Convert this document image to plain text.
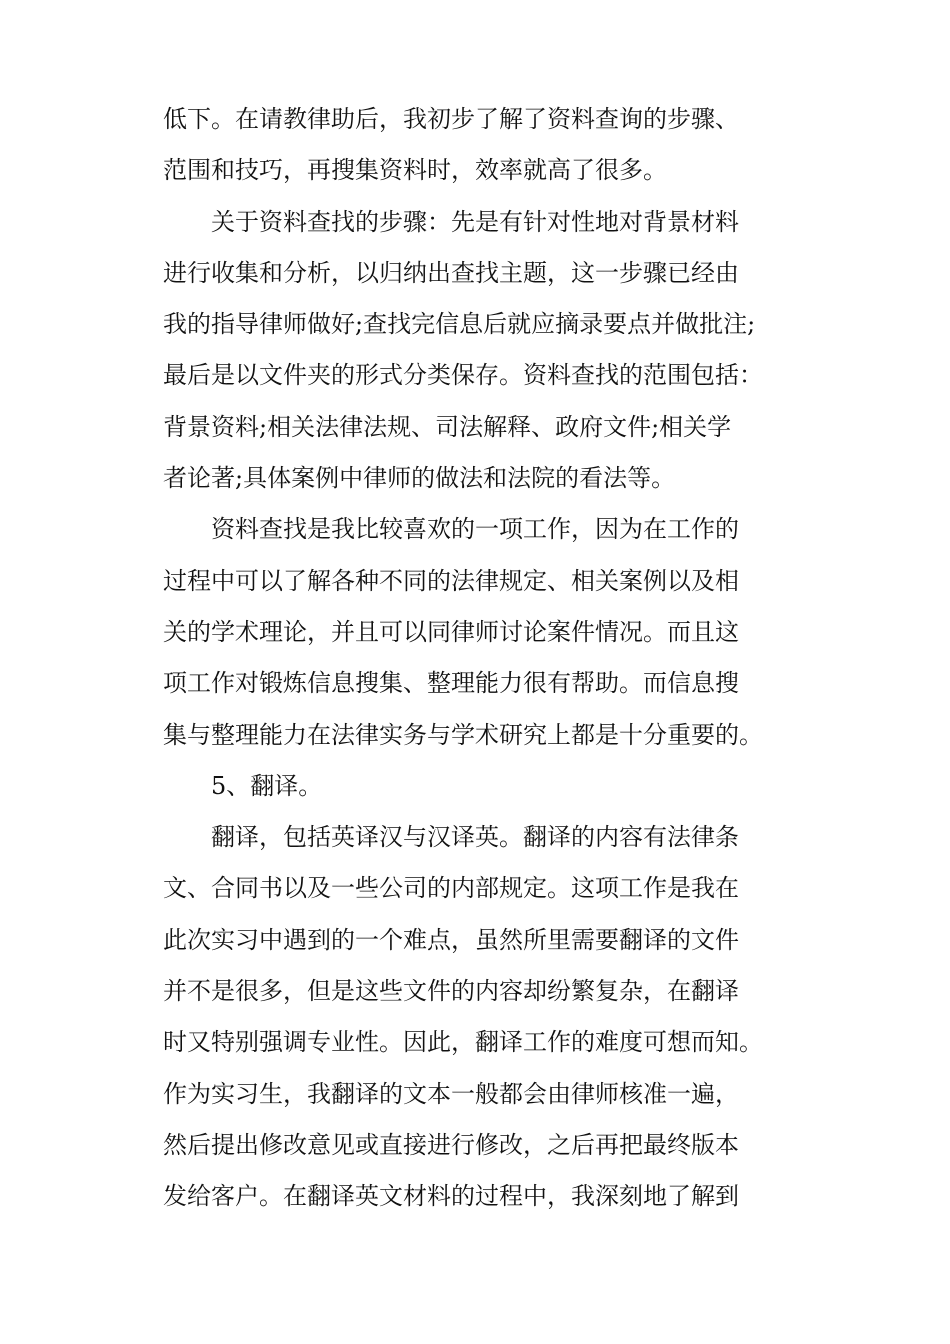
低下。在请教律助后，我初步了解了资料查询的步骤、
范围和技巧，再搜集资料时，效率就高了很多。
关于资料查找的步骤：先是有针对性地对背景材料
进行收集和分析，以归纳出查找主题，这一步骤已经由
我的指导律师做好;查找完信息后就应摘录要点并做批注;
最后是以文件夹的形式分类保存。资料查找的范围包括：
背景资料;相关法律法规、司法解释、政府文件;相关学
者论著;具体案例中律师的做法和法院的看法等。
资料查找是我比较喜欢的一项工作，因为在工作的
过程中可以了解各种不同的法律规定、相关案例以及相
关的学术理论，并且可以同律师讨论案件情况。而且这
项工作对锻炼信息搜集、整理能力很有帮助。而信息搜
集与整理能力在法律实务与学术研究上都是十分重要的。
5、翻译。
翻译，包括英译汉与汉译英。翻译的内容有法律条
文、合同书以及一些公司的内部规定。这项工作是我在
此次实习中遇到的一个难点，虽然所里需要翻译的文件
并不是很多，但是这些文件的内容却纷繁复杂，在翻译
时又特别强调专业性。因此，翻译工作的难度可想而知。
作为实习生，我翻译的文本一般都会由律师核准一遍，
然后提出修改意见或直接进行修改，之后再把最终版本
发给客户。在翻译英文材料的过程中，我深刻地了解到
